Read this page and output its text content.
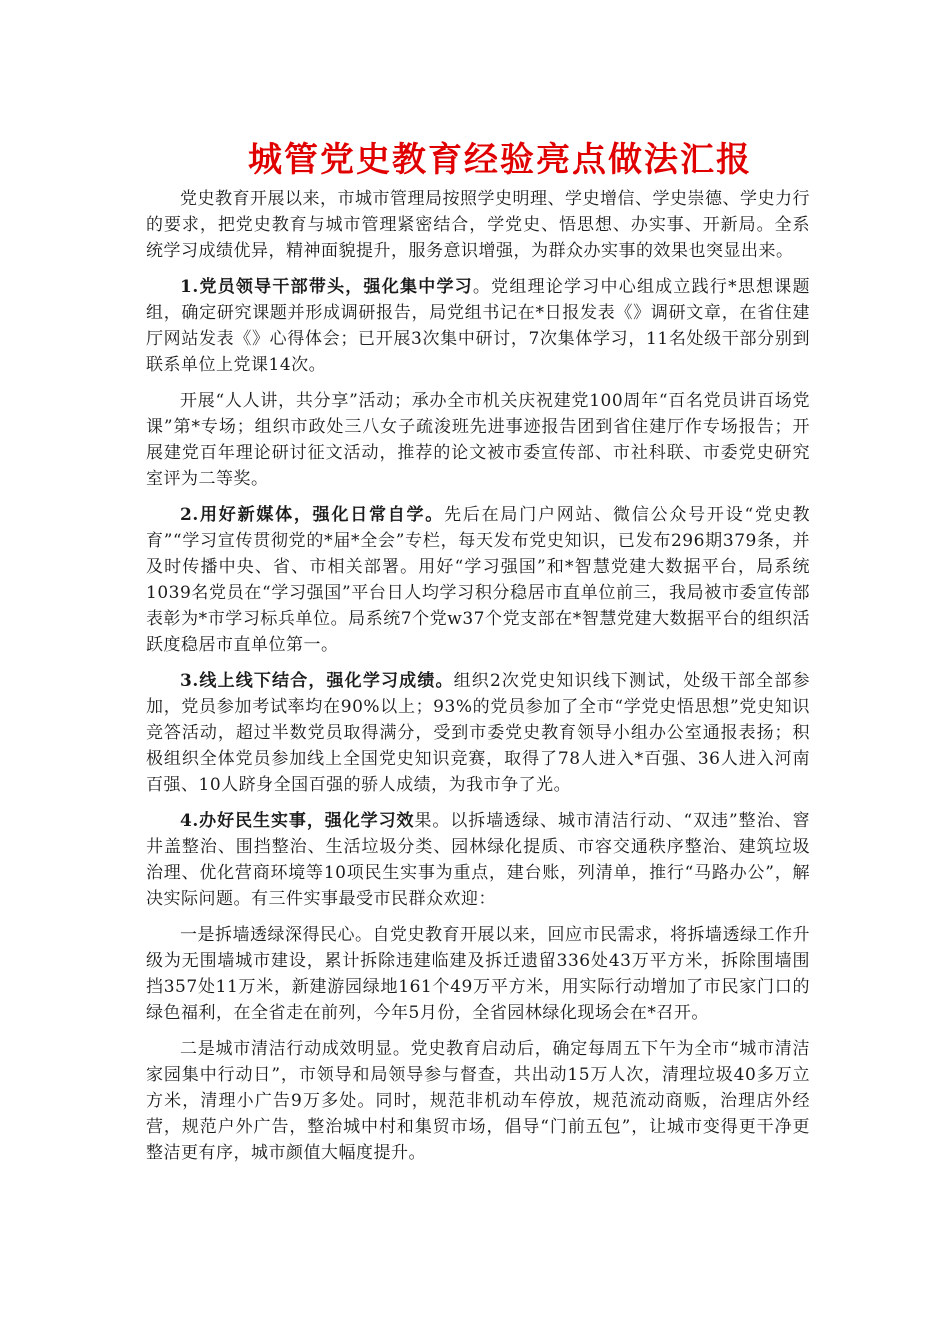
城管党史教育经验亮点做法汇报

党史教育开展以来，市城市管理局按照学史明理、学史增信、学史崇德、学史力行的要求，把党史教育与城市管理紧密结合，学党史、悟思想、办实事、开新局。全系统学习成绩优异，精神面貌提升，服务意识增强，为群众办实事的效果也突显出来。

1.党员领导干部带头，强化集中学习。党组理论学习中心组成立践行*思想课题组，确定研究课题并形成调研报告，局党组书记在*日报发表《》调研文章，在省住建厅网站发表《》心得体会；已开展3次集中研讨，7次集体学习，11名处级干部分别到联系单位上党课14次。

开展“人人讲，共分享”活动；承办全市机关庆祝建党100周年“百名党员讲百场党课”第*专场；组织市政处三八女子疏浚班先进事迹报告团到省住建厅作专场报告；开展建党百年理论研讨征文活动，推荐的论文被市委宣传部、市社科联、市委党史研究室评为二等奖。

2.用好新媒体，强化日常自学。先后在局门户网站、微信公众号开设“党史教育”“学习宣传贯彻党的*届*全会”专栏，每天发布党史知识，已发布296期379条，并及时传播中央、省、市相关部署。用好“学习强国”和*智慧党建大数据平台，局系统1039名党员在“学习强国”平台日人均学习积分稳居市直单位前三，我局被市委宣传部表彰为*市学习标兵单位。局系统7个党w37个党支部在*智慧党建大数据平台的组织活跃度稳居市直单位第一。

3.线上线下结合，强化学习成绩。组织2次党史知识线下测试，处级干部全部参加，党员参加考试率均在90%以上；93%的党员参加了全市“学党史悟思想”党史知识竞答活动，超过半数党员取得满分，受到市委党史教育领导小组办公室通报表扬；积极组织全体党员参加线上全国党史知识竞赛，取得了78人进入*百强、36人进入河南百强、10人跻身全国百强的骄人成绩，为我市争了光。

4.办好民生实事，强化学习效果。以拆墙透绿、城市清洁行动、“双违”整治、窨井盖整治、围挡整治、生活垃圾分类、园林绿化提质、市容交通秩序整治、建筑垃圾治理、优化营商环境等10项民生实事为重点，建台账，列清单，推行“马路办公”，解决实际问题。有三件实事最受市民群众欢迎：

一是拆墙透绿深得民心。自党史教育开展以来，回应市民需求，将拆墙透绿工作升级为无围墙城市建设，累计拆除违建临建及拆迁遗留336处43万平方米，拆除围墙围挡357处11万米，新建游园绿地161个49万平方米，用实际行动增加了市民家门口的绿色福利，在全省走在前列，今年5月份，全省园林绿化现场会在*召开。

二是城市清洁行动成效明显。党史教育启动后，确定每周五下午为全市“城市清洁家园集中行动日”，市领导和局领导参与督查，共出动15万人次，清理垃圾40多万立方米，清理小广告9万多处。同时，规范非机动车停放，规范流动商贩，治理店外经营，规范户外广告，整治城中村和集贸市场，倡导“门前五包”，让城市变得更干净更整洁更有序，城市颜值大幅度提升。
